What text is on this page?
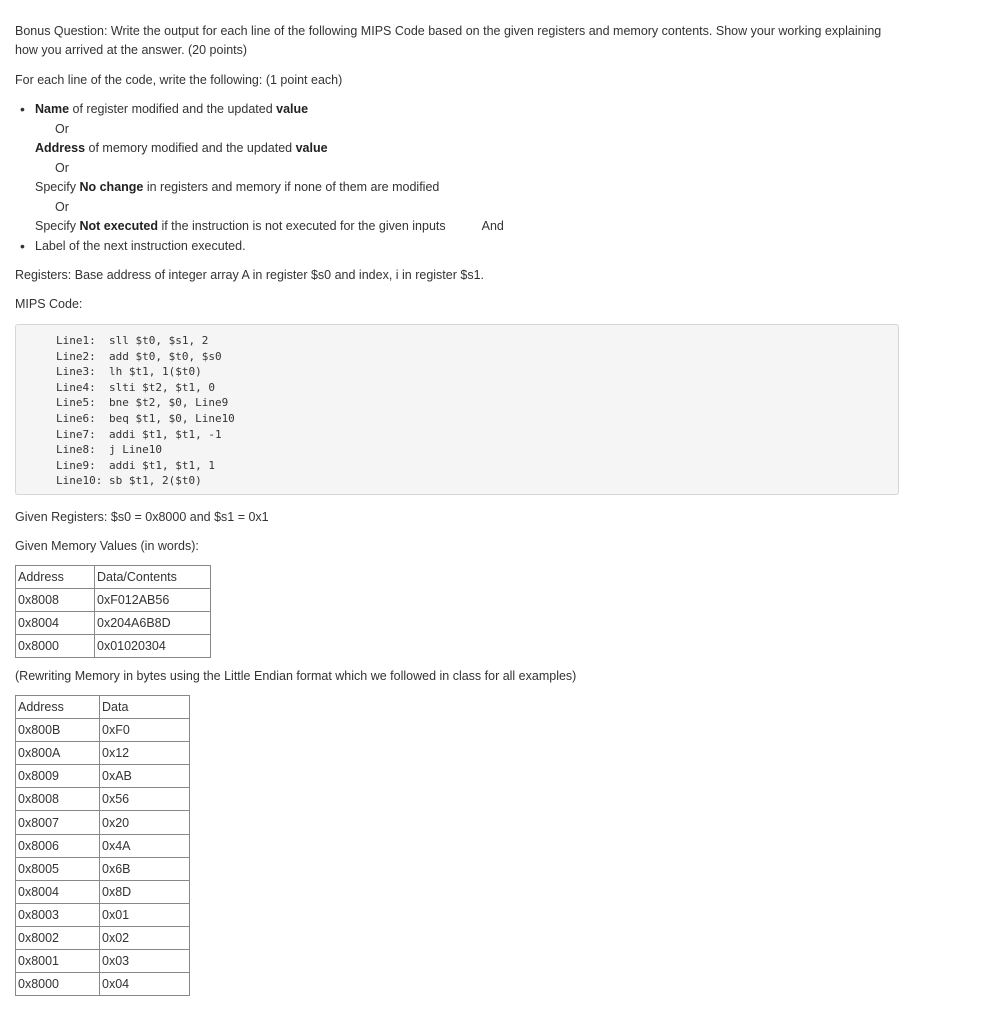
Bonus Question: Write the output for each line of the following MIPS Code based on the given registers and memory contents. Show your working explaining how you arrived at the answer. (20 points)

For each line of the code, write the following: (1 point each)

• Name of register modified and the updated value
Or
Address of memory modified and the updated value
Or
Specify No change in registers and memory if none of them are modified
Or
Specify Not executed if the instruction is not executed for the given inputs	And
• Label of the next instruction executed.

Registers: Base address of integer array A in register $s0 and index, i in register $s1.

MIPS Code:

Line1:  sll $t0, $s1, 2
Line2:  add $t0, $t0, $s0
Line3:  lh $t1, 1($t0)
Line4:  slti $t2, $t1, 0
Line5:  bne $t2, $0, Line9
Line6:  beq $t1, $0, Line10
Line7:  addi $t1, $t1, -1
Line8:  j Line10
Line9:  addi $t1, $t1, 1
Line10: sb $t1, 2($t0)

Given Registers: $s0 = 0x8000 and $s1 = 0x1

Given Memory Values (in words):

Address	Data/Contents
0x8008	0xF012AB56
0x8004	0x204A6B8D
0x8000	0x01020304

(Rewriting Memory in bytes using the Little Endian format which we followed in class for all examples)

Address	Data
0x800B	0xF0
0x800A	0x12
0x8009	0xAB
0x8008	0x56
0x8007	0x20
0x8006	0x4A
0x8005	0x6B
0x8004	0x8D
0x8003	0x01
0x8002	0x02
0x8001	0x03
0x8000	0x04
